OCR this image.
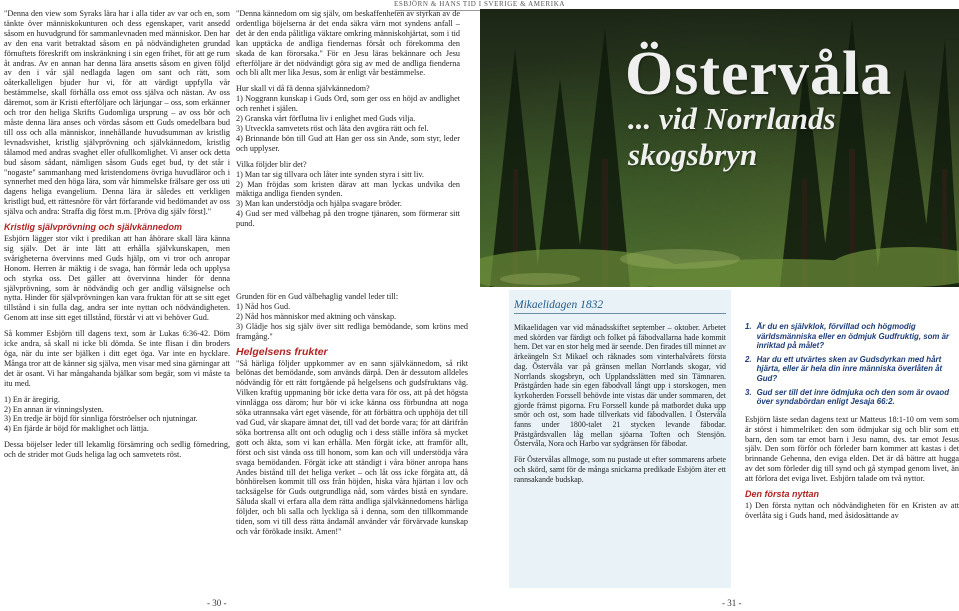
ESBJÖRN & HANS TID I SVERIGE & AMERIKA

"Denna den view som Syraks lära har i alla tider av var och en, som tänkte över människokunturen och dess egenskaper, varit ansedd såsom en huvudgrund för sammanlevnaden med människor. Den har av den ena varit betraktad såsom en på nödvändigheten grundad förnuftets föreskrift om inskränkning i sin egen frihet, för att ge rum åt andras. Av en annan har denna lära ansetts såsom en given följd av den i vår själ nedlagda lagen om sant och rätt, som oåterkalleligen bjuder hur vi, för att värdigt uppfylla vår bestämmelse, skall förhålla oss emot oss själva och nästan. Av oss däremot, som är Kristi efterföljare och lärjungar – oss, som erkänner och tror den heliga Skrifts Gudomliga ursprung – av oss bör och måste denna lära anses och vördas såsom ett Guds omedelbara bud till oss och alla människor, innehållande huvudsumman av kristlig levnadsvishet, kristlig självprövning och självkännedom, kristlig tålamod med andras svaghet eller ofullkomlighet. Vi anser ock detta bud såsom sådant, nämligen såsom Guds eget bud, ty det står i "nogaste" sammanhang med kristendomens övriga huvudläror och i synnerhet med den höga lära, som vår himmelske frälsare ger oss uti dagens heliga evangelium. Denna lära är således ett verkligen kristligt bud, ett rättesnöre för vårt förfarande vid bedömandet av oss själva och andra: Straffa dig först m.m. [Pröva dig själv först]."

Kristlig självprövning och självkännedom

Esbjörn lägger stor vikt i predikan att han åhörare skall lära känna sig själv. Det är inte lätt att erhålla självkunskapen, men svårigheterna övervinns med Guds hjälp, om vi tror och anropar Honom. Herren är mäktig i de svaga, han förmår leda och upplysa och styrka oss. Det gäller att övervinna hinder för denna självprövning, som är nödvändig och ger andlig välsignelse och nytta. Hinder för självprövningen kan vara fruktan för att se sitt eget tillstånd i sin fulla dag, andra ser inte nyttan och nödvändigheten. Genom att inse sitt eget tillstånd, förstår vi att vi behöver Gud.

Så kommer Esbjörn till dagens text, som är Lukas 6:36-42. Döm icke andra, så skall ni icke bli dömda. Se inte flisan i din broders öga, när du inte ser bjälken i ditt eget öga. Var inte en hycklare. Många tror att de känner sig själva, men visar med sina gärningar att det är osant. Vi har mångahanda bjälkar som begär, som vi måste ta itu med.

1) En är äregirig.

2) En annan är vinningslysten.

3) En tredje är böjd för sinnliga förströelser och njutningar.

4) En fjärde är böjd för maklighet och lättja.

Dessa böjelser leder till lekamlig försämring och sedlig förnedring, och de strider mot Guds heliga lag och samvetets röst.

"Denna kännedom om sig själv, om beskaffenheten av styrkan av de ordentliga böjelserna är det enda säkra värn mot syndens anfall – det är den enda pålitliga väktare omkring människohjärtat, som i tid kan upptäcka de andliga fiendernas försåt och förekomma den skada de kan förorsaka." För en Jesu läras bekännare och Jesu efterföljare är det nödvändigt göra sig av med de andliga fienderna och bli allt mer lika Jesus, som är enligt vår bestämmelse.

Hur skall vi då fä denna självkännedom?

1) Noggrann kunskap i Guds Ord, som ger oss en höjd av andlighet och renhet i själen.

2) Granska vårt förflutna liv i enlighet med Guds vilja.

3) Utveckla samvetets röst och låta den avgöra rätt och fel.

4) Brinnande bön till Gud att Han ger oss sin Ande, som styr, leder och upplyser.

Vilka följder blir det?

1) Man tar sig tillvara och låter inte synden styra i sitt liv.

2) Man fröjdas som kristen därav att man lyckas undvika den mäktiga andliga fienden synden.

3) Man kan understödja och hjälpa svagare bröder.

4) Gud ser med välbehag på den trogne tjänaren, som förmerar sitt pund.

Östervåla
... vid Norrlands skogsbryn

Grunden för en Gud välbehaglig vandel leder till:

1) Nåd hos Gud.

2) Nåd hos människor med aktning och vänskap.

3) Glädje hos sig själv över sitt redliga bemödande, som kröns med framgång."

Helgelsens frukter

"Så härliga följder uppkommer av en sann självkännedom, så rikt belönas det bemödande, som används därpå. Den är dessutom alldeles nödvändig för ett rätt fortgående på helgelsens och gudsfruktans väg. Vilken kraftig uppmaning bör icke detta vara för oss, att på det högsta vinnlägga oss därom; hur bör vi icke känna oss förbundna att noga söka utrannsaka vårt eget väsende, för att förbättra och upphöja det till vad Gud, vår skapare ämnat det, till vad det borde vara; för att därifrån söka bortrensa allt ont och oduglig och i dess ställe införa så mycket gott och äkta, som vi kan erhålla. Men förgät icke, att framför allt, först och sist vända oss till honom, som kan och vill understödja våra svaga bemödanden. Förgät icke att ständigt i våra böner anropa hans Andes bistånd till det heliga verket – och låt oss icke förgäta att, då bönhörelsen kommit till oss från höjden, hiska våra hjärtan i lov och tacksägelse för Guds outgrundliga nåd, som värdes bistå en syndare. Såluda skall vi erfara alla dem rätta andliga självkännedomens härliga följder, och bli salla och lyckliga så i denna, som den tillkommande tiden, som vi till dess rätta ändamål använder vår förvärvade kunskap och vår förökade insikt. Amen!"

Mikaelidagen 1832

Mikaelidagen var vid månadsskiftet september – oktober. Arbetet med skörden var färdigt och folket på fäbodvallarna hade kommit hem. Det var en stor helg med är seende. Den firades till minnet av ärkeängeln S:t Mikael och räknades som vinterhalvårets första dag. Östervåla var på gränsen mellan Norrlands skogar, vid Norrlands skogsbryn, och Upplandsslätten med sin Tämnaren. Prästgården hade sin egen fäbodvall långt upp i storskogen, men kyrkoherden Forssell behövde inte vistas där under sommaren, det gjorde främst pigorna. Fru Forssell kunde på matbordet duka upp smör och ost, som hade tillverkats vid fäbodvallen. I Östervåla fanns under 1800-talet 21 stycken levande fäbodar. Prästgårdsvallen låg mellan sjöarna Toften och Stensjön. Östervåla, Nora och Harbo var sydgränsen för fäbodar.

För Östervålas allmoge, som nu pustade ut efter sommarens arbete och skörd, samt för de många snickarna predikade Esbjörn äter ett rannsakande budskap.

1. Är du en självklok, förvillad och högmodig världsmänniska eller en ödmjuk Gudfruktig, som är inriktad på målet?
2. Har du ett utvärtes sken av Gudsdyrkan med hårt hjärta, eller är hela din inre människa överlåten åt Gud?
3. Gud ser till det inre ödmjuka och den som är ovaod över syndabördan enligt Jesaja 66:2.

Esbjörn läste sedan dagens text ur Matteus 18:1-10 om vem som är störst i himmelriket: den som ödmjukar sig och blir som ett barn, den som tar emot barn i Jesu namn, dvs. tar emot Jesus själv. Den som förför och förleder barn kommer att kastas i det brinnande Gehenna, den eviga elden. Det är då bättre att hugga av det som förleder dig till synd och gå stympad genom livet, än att förlora det eviga livet. Esbjörn talade om två nyttor.

Den första nyttan

1) Den första nyttan och nödvändigheten för en Kristen av att överlåta sig i Guds hand, med åsidosättande av

- 30 -	- 31 -
